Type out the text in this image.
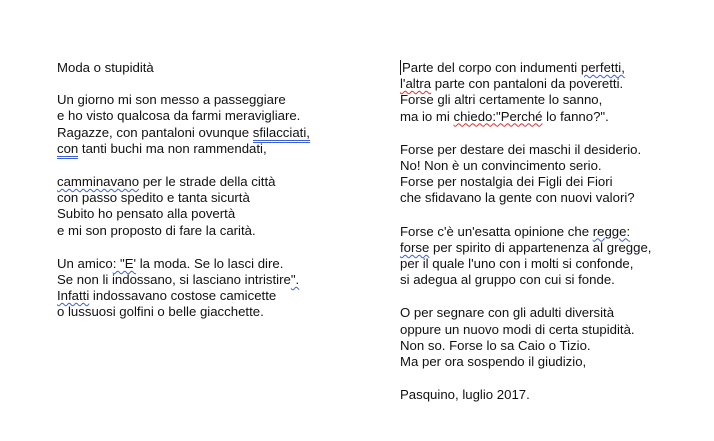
Moda o stupidità
Un giorno mi son messo a passeggiare
e ho visto qualcosa da farmi meravigliare.
Ragazze, con pantaloni ovunque sfilacciati,
con tanti buchi ma non rammendati,
camminavano per le strade della città
con passo spedito e tanta sicurtà
Subito ho pensato alla povertà
e mi son proposto di fare la carità.
Un amico: "E' la moda. Se lo lasci dire.
Se non li indossano, si lasciano intristire".
Infatti indossavano costose camicette
o lussuosi golfini o belle giacchette.
Parte del corpo con indumenti perfetti,
l'altra parte con pantaloni da poveretti.
Forse gli altri certamente lo sanno,
ma io mi chiedo:"Perché lo fanno?".
Forse per destare dei maschi il desiderio.
No! Non è un convincimento serio.
Forse per nostalgia dei Figli dei Fiori
che sfidavano la gente con nuovi valori?
Forse c'è un'esatta opinione che regge:
forse per spirito di appartenenza al gregge,
per il quale l'uno con i molti si confonde,
si adegua al gruppo con cui si fonde.
O per segnare con gli adulti diversità
oppure un nuovo modi di certa stupidità.
Non so. Forse lo sa Caio o Tizio.
Ma per ora sospendo il giudizio,
Pasquino, luglio 2017.
